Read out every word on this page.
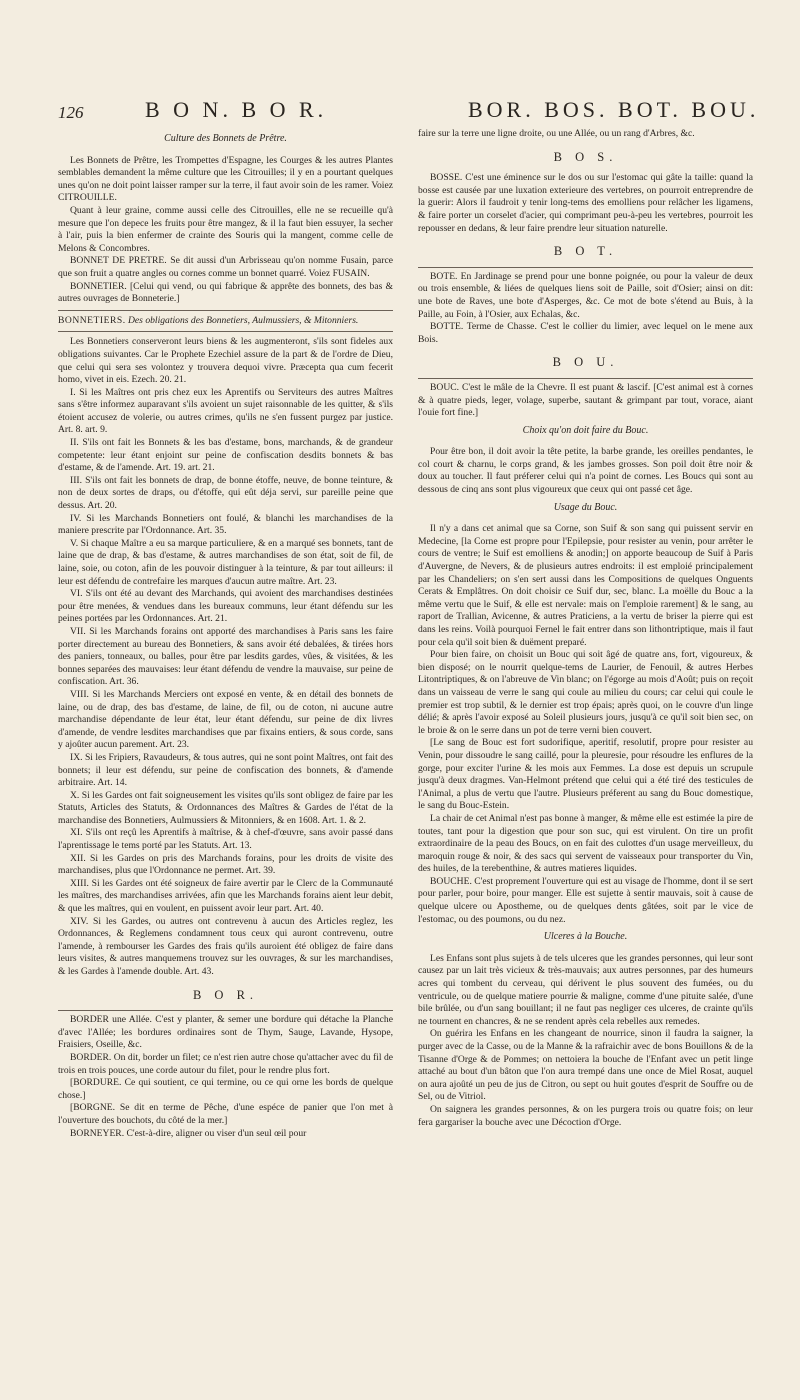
126	B O N. B O R.	BOR. BOS. BOT. BOU.
Culture des Bonnets de Prêtre.

Les Bonnets de Prêtre, les Trompettes d'Espagne, les Courges & les autres Plantes semblables demandent la même culture que les Citrouilles; il y en a pourtant quelques unes qu'on ne doit point laisser ramper sur la terre, il faut avoir soin de les ramer. Voiez CITROUILLE.

Quant à leur graine, comme aussi celle des Citrouilles, elle ne se recueille qu'à mesure que l'on depece les fruits pour être mangez, & il la faut bien essuyer, la secher à l'air, puis la bien enfermer de crainte des Souris qui la mangent, comme celle de Melons & Concombres.

BONNET DE PRETRE. Se dit aussi d'un Arbrisseau qu'on nomme Fusain, parce que son fruit a quatre angles ou cornes comme un bonnet quarré. Voiez FUSAIN.

BONNETIER. [Celui qui vend, ou qui fabrique & apprête des bonnets, des bas & autres ouvrages de Bonneterie.]

BONNETIERS. Des obligations des Bonnetiers, Aulmussiers, & Mitonniers.

Les Bonnetiers conserveront leurs biens & les augmenteront, s'ils sont fideles aux obligations suivantes. Car le Prophete Ezechiel assure de la part & de l'ordre de Dieu, que celui qui sera ses volontez y trouvera dequoi vivre. Præcepta qua cum fecerit homo, vivet in eis. Ezech. 20. 21.

I. Si les Maîtres ont pris chez eux les Aprentifs ou Serviteurs des autres Maîtres sans s'être informez auparavant s'ils avoient un sujet raisonnable de les quitter, & s'ils étoient accusez de volerie, ou autres crimes, qu'ils ne s'en fussent purgez par justice. Art. 8. art. 9.

II. S'ils ont fait les Bonnets & les bas d'estame, bons, marchands, & de grandeur competente: leur étant enjoint sur peine de confiscation desdits bonnets & bas d'estame, & de l'amende. Art. 19. art. 21.

III. S'ils ont fait les bonnets de drap, de bonne étoffe, neuve, de bonne teinture, & non de deux sortes de draps, ou d'étoffe, qui eût déja servi, sur pareille peine que dessus. Art. 20.

IV. Si les Marchands Bonnetiers ont foulé, & blanchi les marchandises de la maniere prescrite par l'Ordonnance. Art. 35.

V. Si chaque Maître a eu sa marque particuliere, & en a marqué ses bonnets, tant de laine que de drap, & bas d'estame, & autres marchandises de son état, soit de fil, de laine, soie, ou coton, afin de les pouvoir distinguer à la teinture, & par tout ailleurs: il leur est défendu de contrefaire les marques d'aucun autre maître. Art. 23.

VI. S'ils ont été au devant des Marchands, qui avoient des marchandises destinées pour être menées, & vendues dans les bureaux communs, leur étant défendu sur les peines portées par les Ordonnances. Art. 21.

VII. Si les Marchands forains ont apporté des marchandises à Paris sans les faire porter directement au bureau des Bonnetiers, & sans avoir été debalées, & tirées hors des paniers, tonneaux, ou balles, pour être par lesdits gardes, vûes, & visitées, & les bonnes separées des mauvaises: leur étant défendu de vendre la mauvaise, sur peine de confiscation. Art. 36.

VIII. Si les Marchands Merciers ont exposé en vente, & en détail des bonnets de laine, ou de drap, des bas d'estame, de laine, de fil, ou de coton, ni aucune autre marchandise dépendante de leur état, leur étant défendu, sur peine de dix livres d'amende, de vendre lesdites marchandises que par fixains entiers, & sous corde, sans y ajoûter aucun parement. Art. 23.

IX. Si les Fripiers, Ravaudeurs, & tous autres, qui ne sont point Maîtres, ont fait des bonnets; il leur est défendu, sur peine de confiscation des bonnets, & d'amende arbitraire. Art. 14.

X. Si les Gardes ont fait soigneusement les visites qu'ils sont obligez de faire par les Statuts, Articles des Statuts, & Ordonnances des Maîtres & Gardes de l'état de la marchandise des Bonnetiers, Aulmussiers & Mitonniers, & en 1608. Art. 1. & 2.

XI. S'ils ont reçû les Aprentifs à maîtrise, & à chef-d'œuvre, sans avoir passé dans l'aprentissage le tems porté par les Statuts. Art. 13.

XII. Si les Gardes on pris des Marchands forains, pour les droits de visite des marchandises, plus que l'Ordonnance ne permet. Art. 39.

XIII. Si les Gardes ont été soigneux de faire avertir par le Clerc de la Communauté les maîtres, des marchandises arrivées, afin que les Marchands forains aient leur debit, & que les maîtres, qui en voulent, en puissent avoir leur part. Art. 40.

XIV. Si les Gardes, ou autres ont contrevenu à aucun des Articles reglez, les Ordonnances, & Reglemens condamnent tous ceux qui auront contrevenu, outre l'amende, à rembourser les Gardes des frais qu'ils auroient été obligez de faire dans leurs visites, & autres manquemens trouvez sur les ouvrages, & sur les marchandises, & les Gardes à l'amende double. Art. 43.

B O R.

BORDER une Allée. C'est y planter, & semer une bordure qui détache la Planche d'avec l'Allée; les bordures ordinaires sont de Thym, Sauge, Lavande, Hysope, Fraisiers, Oseille, &c.

BORDER. On dit, border un filet; ce n'est rien autre chose qu'attacher avec du fil de trois en trois pouces, une corde autour du filet, pour le rendre plus fort.

[BORDURE. Ce qui soutient, ce qui termine, ou ce qui orne les bords de quelque chose.]

[BORGNE. Se dit en terme de Pêche, d'une espéce de panier que l'on met à l'ouverture des bouchots, du côté de la mer.]

BORNEYER. C'est-à-dire, aligner ou viser d'un seul œil pour

faire sur la terre une ligne droite, ou une Allée, ou un rang d'Arbres, &c.

B O S.

BOSSE. C'est une éminence sur le dos ou sur l'estomac qui gâte la taille: quand la bosse est causée par une luxation exterieure des vertebres, on pourroit entreprendre de la guerir: Alors il faudroit y tenir long-tems des emolliens pour relâcher les ligamens, & faire porter un corselet d'acier, qui comprimant peu-à-peu les vertebres, pourroit les repousser en dedans, & leur faire prendre leur situation naturelle.

B O T.

BOTE. En Jardinage se prend pour une bonne poignée, ou pour la valeur de deux ou trois ensemble, & liées de quelques liens soit de Paille, soit d'Osier; ainsi on dit: une bote de Raves, une bote d'Asperges, &c. Ce mot de bote s'étend au Buis, à la Paille, au Foin, à l'Osier, aux Echalas, &c.

BOTTE. Terme de Chasse. C'est le collier du limier, avec lequel on le mene aux Bois.

B O U.

BOUC. C'est le mâle de la Chevre. Il est puant & lascif. [C'est animal est à cornes & à quatre pieds, leger, volage, superbe, sautant & grimpant par tout, vorace, aiant l'ouie fort fine.]

Choix qu'on doit faire du Bouc.

Pour être bon, il doit avoir la tête petite, la barbe grande, les oreilles pendantes, le col court & charnu, le corps grand, & les jambes grosses. Son poil doit être noir & doux au toucher. Il faut préferer celui qui n'a point de cornes. Les Boucs qui sont au dessous de cinq ans sont plus vigoureux que ceux qui ont passé cet âge.

Usage du Bouc.

Il n'y a dans cet animal que sa Corne, son Suif & son sang qui puissent servir en Medecine, [la Corne est propre pour l'Epilepsie, pour resister au venin, pour arrêter le cours de ventre; le Suif est emolliens & anodin;] on apporte beaucoup de Suif à Paris d'Auvergne, de Nevers, & de plusieurs autres endroits: il est emploié principalement par les Chandeliers; on s'en sert aussi dans les Compositions de quelques Onguents Cerats & Emplâtres. On doit choisir ce Suif dur, sec, blanc. La moëlle du Bouc a la même vertu que le Suif, & elle est nervale: mais on l'emploie rarement] & le sang, au raport de Trallian, Avicenne, & autres Praticiens, a la vertu de briser la pierre qui est dans les reins. Voilà pourquoi Fernel le fait entrer dans son lithontriptique, mais il faut pour cela qu'il soit bien & duëment preparé.

Pour bien faire, on choisit un Bouc qui soit âgé de quatre ans, fort, vigoureux, & bien disposé; on le nourrit quelque-tems de Laurier, de Fenouil, & autres Herbes Litontriptiques, & on l'abreuve de Vin blanc; on l'égorge au mois d'Août; puis on reçoit dans un vaisseau de verre le sang qui coule au milieu du cours; car celui qui coule le premier est trop subtil, & le dernier est trop épais; après quoi, on le couvre d'un linge délié; & après l'avoir exposé au Soleil plusieurs jours, jusqu'à ce qu'il soit bien sec, on le broie & on le serre dans un pot de terre verni bien couvert.

[Le sang de Bouc est fort sudorifique, aperitif, resolutif, propre pour resister au Venin, pour dissoudre le sang caillé, pour la pleuresie, pour résoudre les enflures de la gorge, pour exciter l'urine & les mois aux Femmes. La dose est depuis un scrupule jusqu'à deux dragmes. Van-Helmont prétend que celui qui a été tiré des testicules de l'Animal, a plus de vertu que l'autre. Plusieurs préferent au sang du Bouc domestique, le sang du Bouc-Estein.

La chair de cet Animal n'est pas bonne à manger, & même elle est estimée la pire de toutes, tant pour la digestion que pour son suc, qui est virulent. On tire un profit extraordinaire de la peau des Boucs, on en fait des culottes d'un usage merveilleux, du maroquin rouge & noir, & des sacs qui servent de vaisseaux pour transporter du Vin, des huiles, de la terebenthine, & autres matieres liquides.

BOUCHE. C'est proprement l'ouverture qui est au visage de l'homme, dont il se sert pour parler, pour boire, pour manger. Elle est sujette à sentir mauvais, soit à cause de quelque ulcere ou Apostheme, ou de quelques dents gâtées, soit par le vice de l'estomac, ou des poumons, ou du nez.

Ulceres à la Bouche.

Les Enfans sont plus sujets à de tels ulceres que les grandes personnes, qui leur sont causez par un lait très vicieux & très-mauvais; aux autres personnes, par des humeurs acres qui tombent du cerveau, qui dérivent le plus souvent des fumées, ou du ventricule, ou de quelque matiere pourrie & maligne, comme d'une pituite salée, d'une bile brûlée, ou d'un sang bouillant; il ne faut pas negliger ces ulceres, de crainte qu'ils ne tournent en chancres, & ne se rendent après cela rebelles aux remedes.

On guérira les Enfans en les changeant de nourrice, sinon il faudra la saigner, la purger avec de la Casse, ou de la Manne & la rafraichir avec de bons Bouillons & de la Tisanne d'Orge & de Pommes; on nettoiera la bouche de l'Enfant avec un petit linge attaché au bout d'un bâton que l'on aura trempé dans une once de Miel Rosat, auquel on aura ajoûté un peu de jus de Citron, ou sept ou huit goutes d'esprit de Souffre ou de Sel, ou de Vitriol.

On saignera les grandes personnes, & on les purgera trois ou quatre fois; on leur fera gargariser la bouche avec une Décoction d'Orge.
